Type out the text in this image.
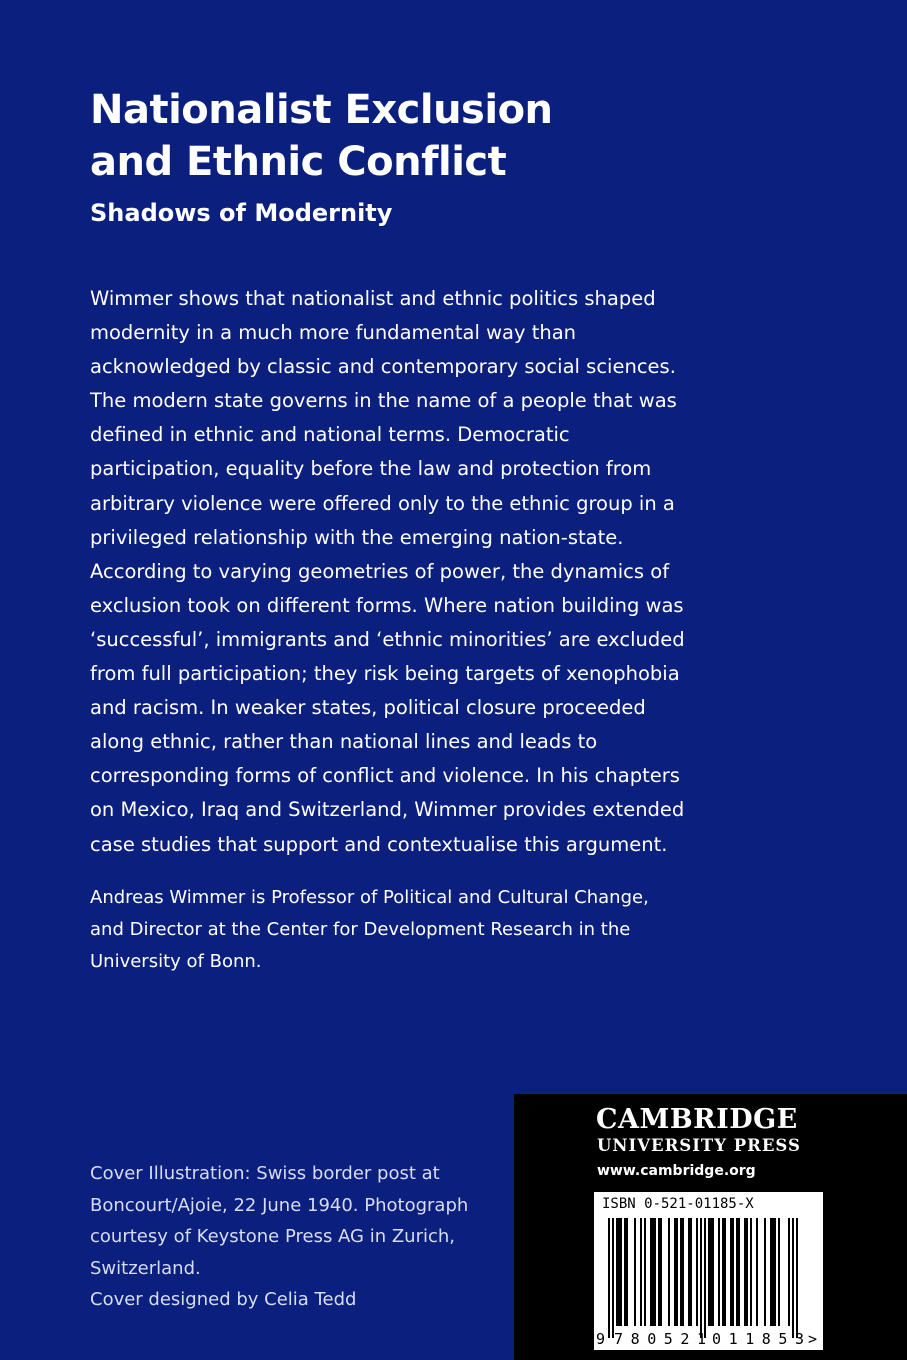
Nationalist Exclusion
and Ethnic Conflict
Shadows of Modernity
Wimmer shows that nationalist and ethnic politics shaped
modernity in a much more fundamental way than
acknowledged by classic and contemporary social sciences.
The modern state governs in the name of a people that was
defined in ethnic and national terms. Democratic
participation, equality before the law and protection from
arbitrary violence were offered only to the ethnic group in a
privileged relationship with the emerging nation-state.
According to varying geometries of power, the dynamics of
exclusion took on different forms. Where nation building was
‘successful’, immigrants and ‘ethnic minorities’ are excluded
from full participation; they risk being targets of xenophobia
and racism. In weaker states, political closure proceeded
along ethnic, rather than national lines and leads to
corresponding forms of conflict and violence. In his chapters
on Mexico, Iraq and Switzerland, Wimmer provides extended
case studies that support and contextualise this argument.
Andreas Wimmer is Professor of Political and Cultural Change,
and Director at the Center for Development Research in the
University of Bonn.
Cover Illustration: Swiss border post at
Boncourt/Ajoie, 22 June 1940. Photograph
courtesy of Keystone Press AG in Zurich,
Switzerland.
Cover designed by Celia Tedd
CAMBRIDGE
UNIVERSITY PRESS
www.cambridge.org
ISBN 0-521-01185-X
9 780521 011853 >
